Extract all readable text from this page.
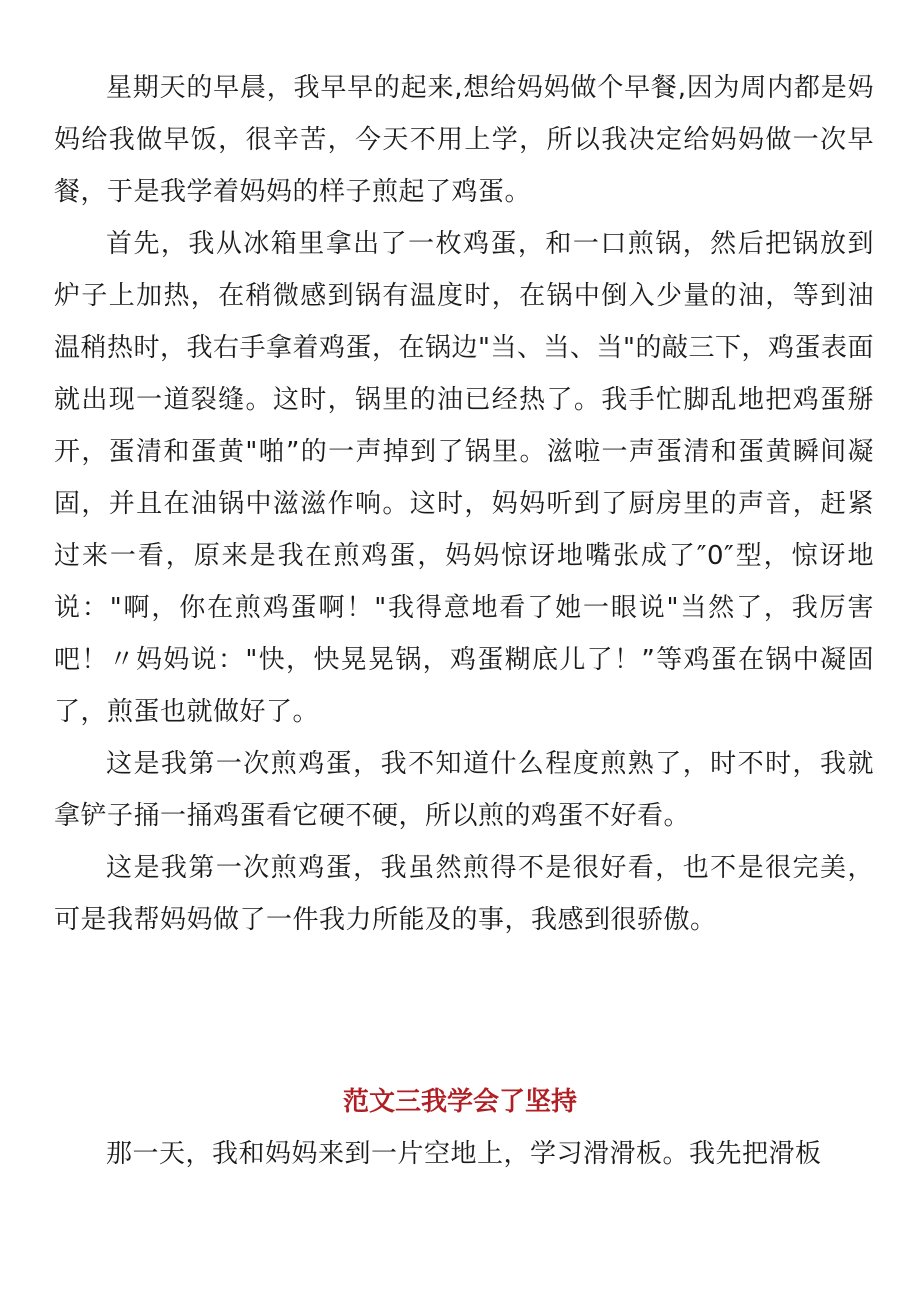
星期天的早晨，我早早的起来,想给妈妈做个早餐,因为周内都是妈妈给我做早饭，很辛苦，今天不用上学，所以我决定给妈妈做一次早餐，于是我学着妈妈的样子煎起了鸡蛋。

首先，我从冰箱里拿出了一枚鸡蛋，和一口煎锅，然后把锅放到炉子上加热，在稍微感到锅有温度时，在锅中倒入少量的油，等到油温稍热时，我右手拿着鸡蛋，在锅边"当、当、当"的敲三下，鸡蛋表面就出现一道裂缝。这时，锅里的油已经热了。我手忙脚乱地把鸡蛋掰开，蛋清和蛋黄"啪”的一声掉到了锅里。滋啦一声蛋清和蛋黄瞬间凝固，并且在油锅中滋滋作响。这时，妈妈听到了厨房里的声音，赶紧过来一看，原来是我在煎鸡蛋，妈妈惊讶地嘴张成了″0″型，惊讶地说："啊，你在煎鸡蛋啊！"我得意地看了她一眼说"当然了，我厉害吧！〃妈妈说："快，快晃晃锅，鸡蛋糊底儿了！”等鸡蛋在锅中凝固了，煎蛋也就做好了。

这是我第一次煎鸡蛋，我不知道什么程度煎熟了，时不时，我就拿铲子捅一捅鸡蛋看它硬不硬，所以煎的鸡蛋不好看。

这是我第一次煎鸡蛋，我虽然煎得不是很好看，也不是很完美，可是我帮妈妈做了一件我力所能及的事，我感到很骄傲。

范文三我学会了坚持

那一天，我和妈妈来到一片空地上，学习滑滑板。我先把滑板
